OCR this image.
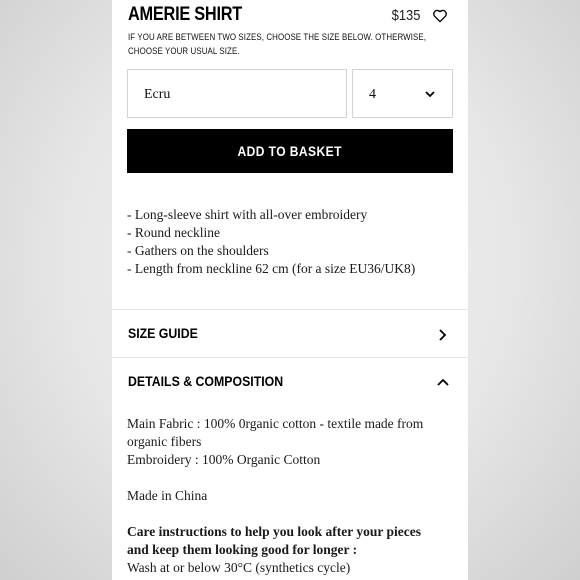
AMERIE SHIRT	$135
IF YOU ARE BETWEEN TWO SIZES, CHOOSE THE SIZE BELOW. OTHERWISE, CHOOSE YOUR USUAL SIZE.
Ecru	4
ADD TO BASKET
- Long-sleeve shirt with all-over embroidery
- Round neckline
- Gathers on the shoulders
- Length from neckline 62 cm (for a size EU36/UK8)
SIZE GUIDE
DETAILS & COMPOSITION

Main Fabric : 100% 0rganic cotton - textile made from

organic fibers

Embroidery : 100% Organic Cotton

Made in China

Care instructions to help you look after your pieces

and keep them looking good for longer :

Wash at or below 30°C (synthetics cycle)
